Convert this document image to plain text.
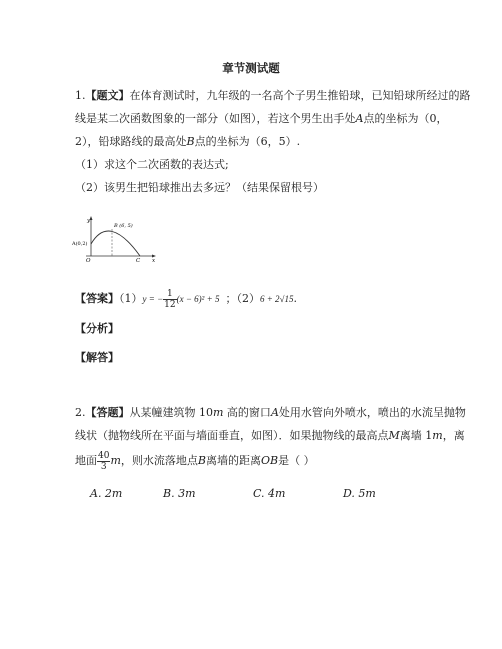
章节测试题
1.【题文】在体育测试时，九年级的一名高个子男生推铅球，已知铅球所经过的路
线是某二次函数图象的一部分（如图），若这个男生出手处A点的坐标为（0，
2），铅球路线的最高处B点的坐标为（6，5）.
（1）求这个二次函数的表达式;
（2）该男生把铅球推出去多远？（结果保留根号）
y
x
O
A(0,2)
B (6, 5)
C
【答案】（1）y = − $\frac{1}{12} (x - 6)^2 + 5$ ；（2）6 + 2√15.
【分析】
【解答】
2.【答题】从某幢建筑物 10m 高的窗口A处用水管向外喷水，喷出的水流呈抛物
线状（抛物线所在平面与墙面垂直，如图）．如果抛物线的最高点M离墙 1m，离
地面 $\frac{40}{3}$ m，则水流落地点B离墙的距离OB是（ ）
A. 2m	B. 3m	C. 4m	D. 5m
